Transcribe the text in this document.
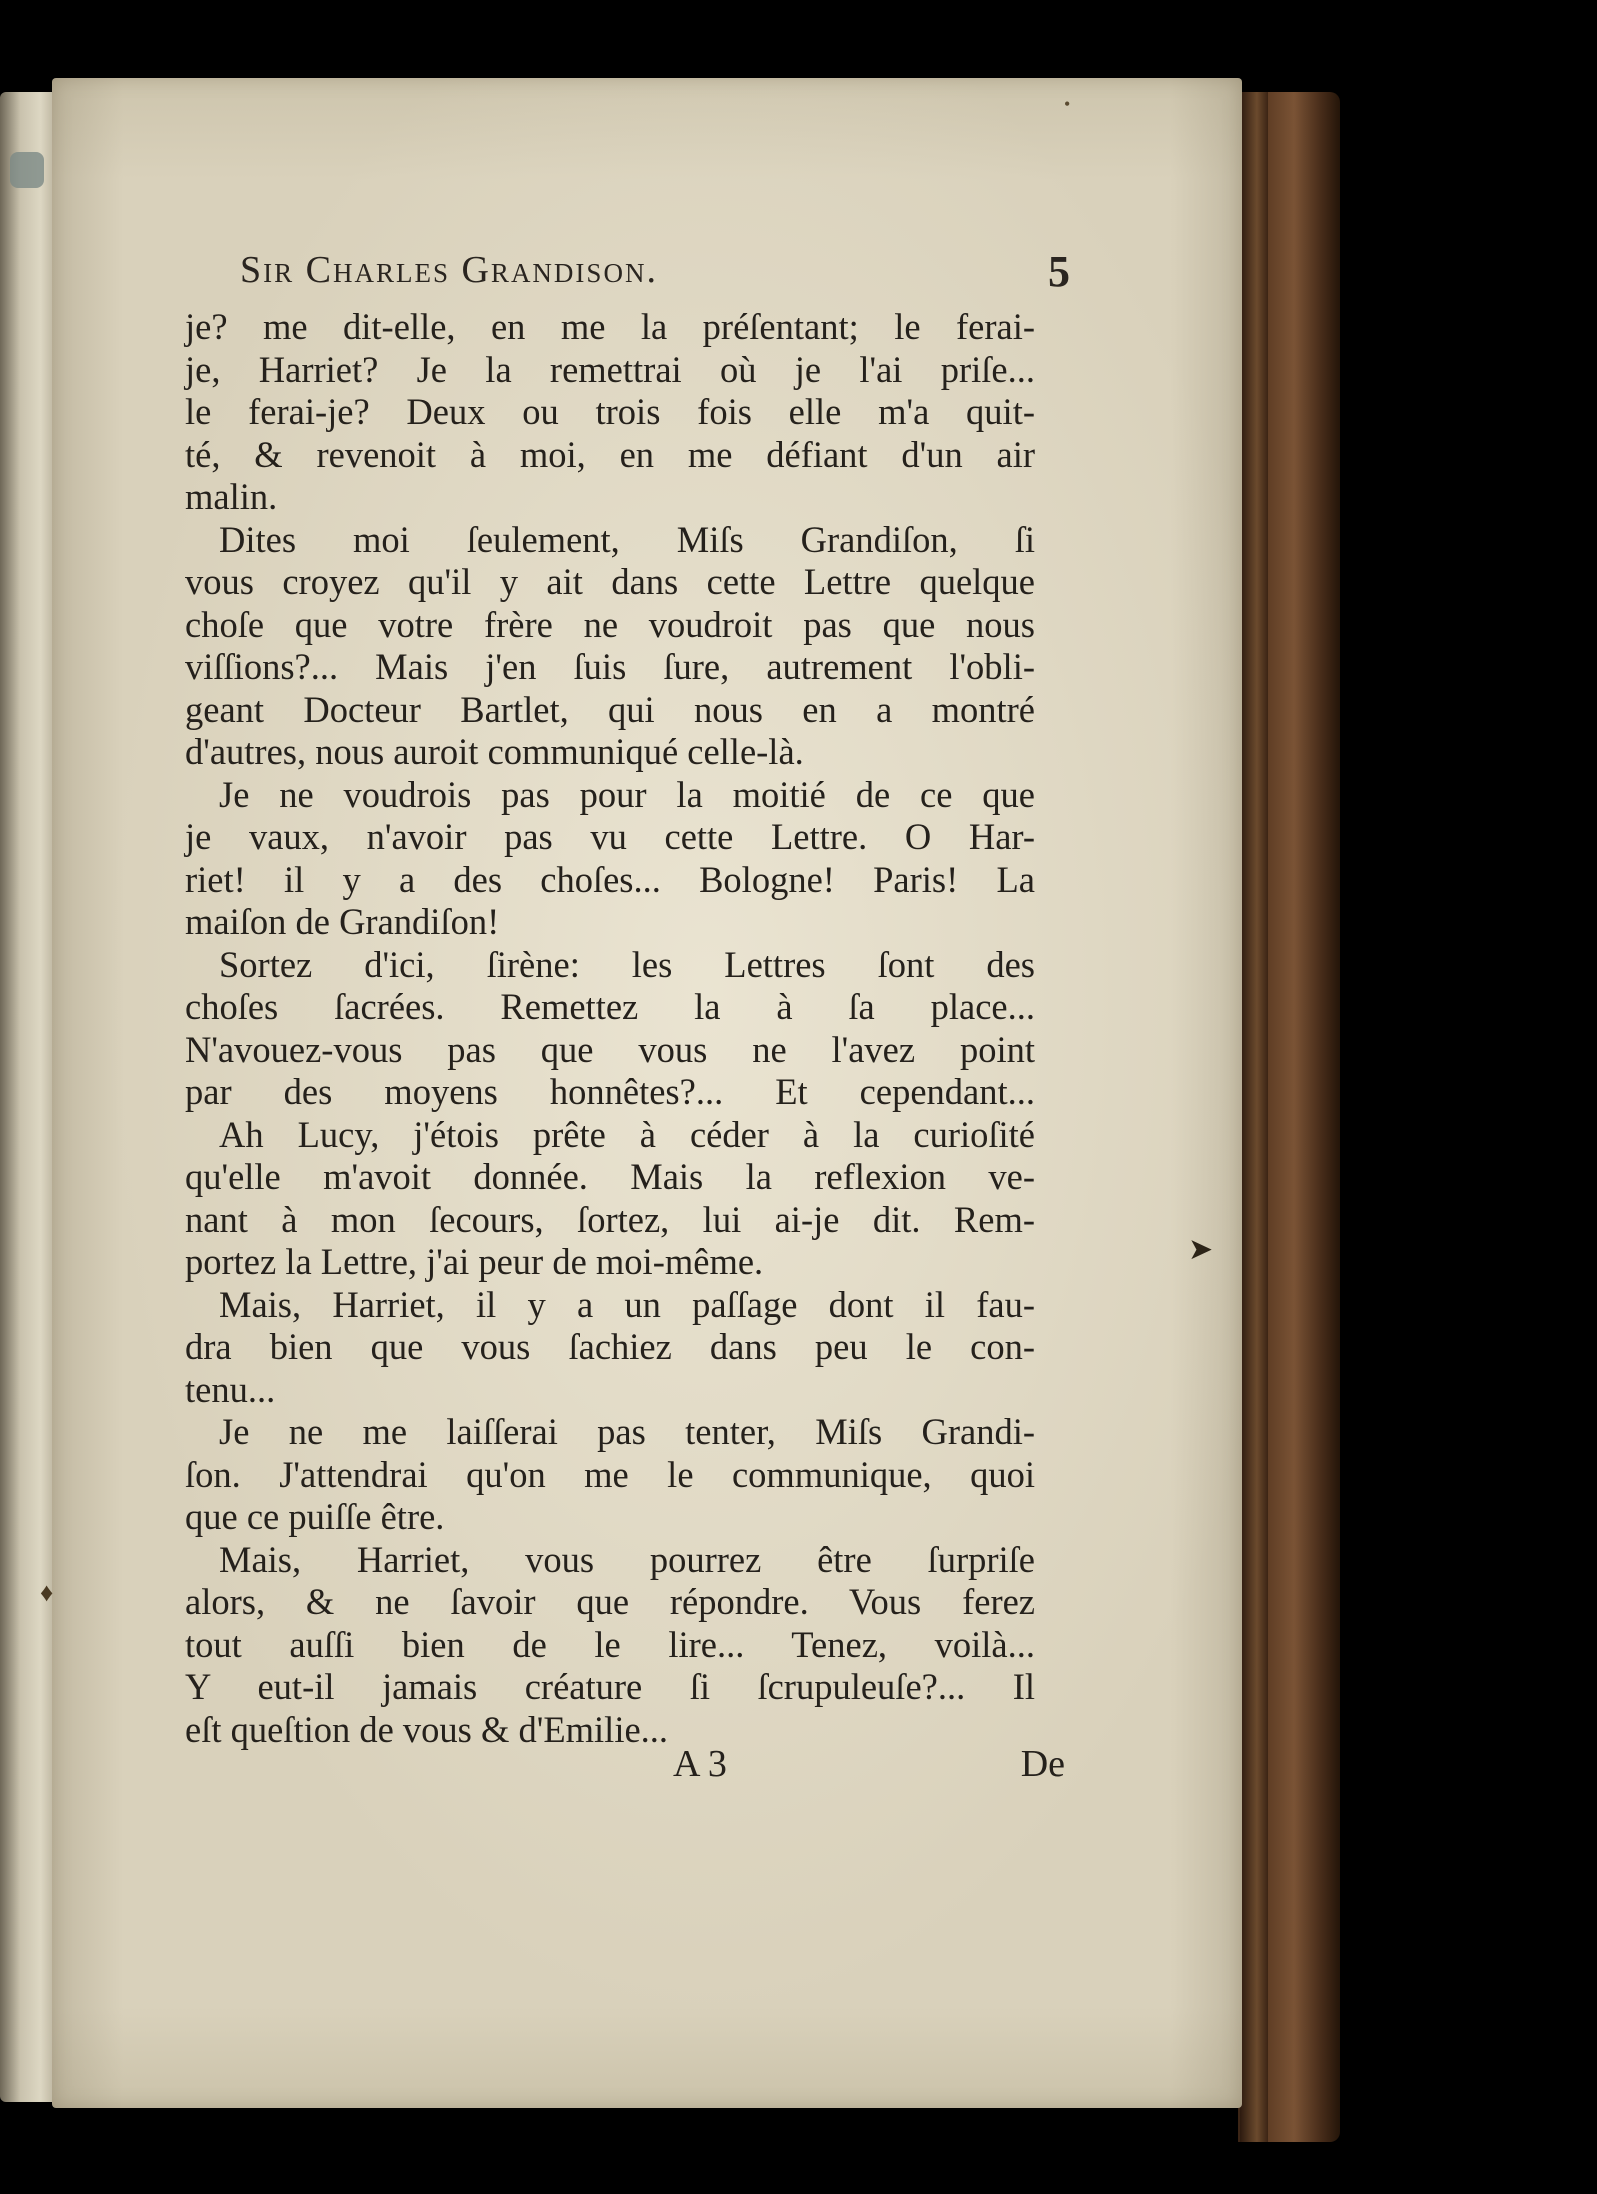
•
Sir Charles Grandison.	5
je? me dit-elle, en me la préſentant; le ferai-
je, Harriet? Je la remettrai où je l'ai priſe...
le ferai-je? Deux ou trois fois elle m'a quit-
té, & revenoit à moi, en me défiant d'un air
malin.
Dites moi ſeulement, Miſs Grandiſon, ſi
vous croyez qu'il y ait dans cette Lettre quelque
choſe que votre frère ne voudroit pas que nous
viſſions?... Mais j'en ſuis ſure, autrement l'obli-
geant Docteur Bartlet, qui nous en a montré
d'autres, nous auroit communiqué celle-là.
Je ne voudrois pas pour la moitié de ce que
je vaux, n'avoir pas vu cette Lettre. O Har-
riet! il y a des choſes... Bologne! Paris! La
maiſon de Grandiſon!
Sortez d'ici, ſirène: les Lettres ſont des
choſes ſacrées. Remettez la à ſa place...
N'avouez-vous pas que vous ne l'avez point
par des moyens honnêtes?... Et cependant...
Ah Lucy, j'étois prête à céder à la curioſité
qu'elle m'avoit donnée. Mais la reflexion ve-
nant à mon ſecours, ſortez, lui ai-je dit. Rem-
portez la Lettre, j'ai peur de moi-même.
Mais, Harriet, il y a un paſſage dont il fau-
dra bien que vous ſachiez dans peu le con-
tenu...
Je ne me laiſſerai pas tenter, Miſs Grandi-
ſon. J'attendrai qu'on me le communique, quoi
que ce puiſſe être.
Mais, Harriet, vous pourrez être ſurpriſe
alors, & ne ſavoir que répondre. Vous ferez
tout auſſi bien de le lire... Tenez, voilà...
Y eut-il jamais créature ſi ſcrupuleuſe?... Il
eſt queſtion de vous & d'Emilie...
A 3	De
➤
♦
